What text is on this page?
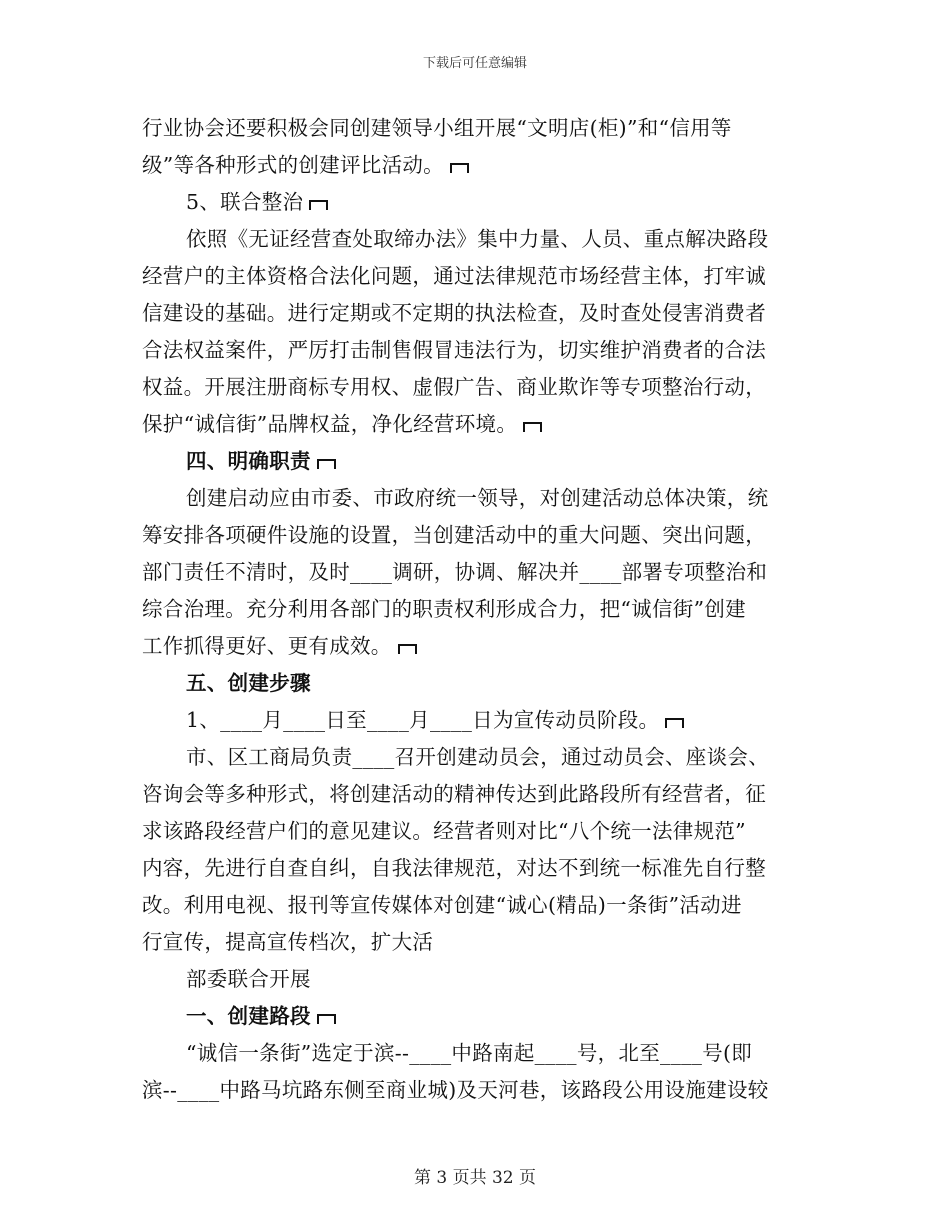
下载后可任意编辑
行业协会还要积极会同创建领导小组开展“文明店(柜)”和“信用等
级”等各种形式的创建评比活动。
5、联合整治
依照《无证经营查处取缔办法》集中力量、人员、重点解决路段
经营户的主体资格合法化问题，通过法律规范市场经营主体，打牢诚
信建设的基础。进行定期或不定期的执法检查，及时查处侵害消费者
合法权益案件，严厉打击制售假冒违法行为，切实维护消费者的合法
权益。开展注册商标专用权、虚假广告、商业欺诈等专项整治行动，
保护“诚信街”品牌权益，净化经营环境。
四、明确职责
创建启动应由市委、市政府统一领导，对创建活动总体决策，统
筹安排各项硬件设施的设置，当创建活动中的重大问题、突出问题，
部门责任不清时，及时____调研，协调、解决并____部署专项整治和
综合治理。充分利用各部门的职责权利形成合力，把“诚信街”创建
工作抓得更好、更有成效。
五、创建步骤
1、____月____日至____月____日为宣传动员阶段。
市、区工商局负责____召开创建动员会，通过动员会、座谈会、
咨询会等多种形式，将创建活动的精神传达到此路段所有经营者，征
求该路段经营户们的意见建议。经营者则对比“八个统一法律规范”
内容，先进行自查自纠，自我法律规范，对达不到统一标准先自行整
改。利用电视、报刊等宣传媒体对创建“诚心(精品)一条街”活动进
行宣传，提高宣传档次，扩大活
部委联合开展
一、创建路段
“诚信一条街”选定于滨--____中路南起____号，北至____号(即
滨--____中路马坑路东侧至商业城)及天河巷，该路段公用设施建设较
第 3 页共 32 页
